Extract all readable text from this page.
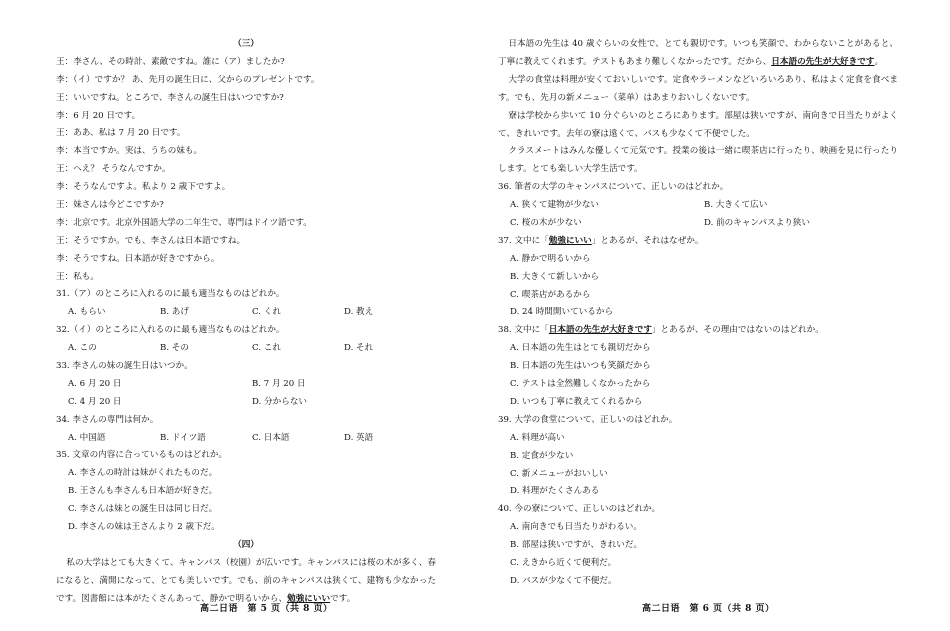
（三）
王：李さん、その時計、素敵ですね。誰に（ア）ましたか?
李：（イ）ですか？ あ、先月の誕生日に、父からのプレゼントです。
王：いいですね。ところで、李さんの誕生日はいつですか?
李：6 月 20 日です。
王：ああ、私は 7 月 20 日です。
李：本当ですか。実は、うちの妹も。
王：へえ？ そうなんですか。
李：そうなんですよ。私より 2 歳下ですよ。
王：妹さんは今どこですか?
李：北京です。北京外国語大学の二年生で、専門はドイツ語です。
王：そうですか。でも、李さんは日本語ですね。
李：そうですね。日本語が好きですから。
王：私も。
31.（ア）のところに入れるのに最も適当なものはどれか。
A. もらい	B. あげ	C. くれ	D. 教え
32.（イ）のところに入れるのに最も適当なものはどれか。
A. この	B. その	C. これ	D. それ
33. 李さんの妹の誕生日はいつか。
A. 6 月 20 日	B. 7 月 20 日
C. 4 月 20 日	D. 分からない
34. 李さんの専門は何か。
A. 中国語	B. ドイツ語	C. 日本語	D. 英語
35. 文章の内容に合っているものはどれか。
A. 李さんの時計は妹がくれたものだ。
B. 王さんも李さんも日本語が好きだ。
C. 李さんは妹との誕生日は同じ日だ。
D. 李さんの妹は王さんより 2 歳下だ。
（四）
私の大学はとても大きくて、キャンパス（校園）が広いです。キャンパスには桜の木が多く、春になると、満開になって、とても美しいです。でも、前のキャンパスは狭くて、建物も少なかったです。図書館には本がたくさんあって、静かで明るいから、勉強にいいです。
日本語の先生は 40 歳ぐらいの女性で、とても親切です。いつも笑顔で、わからないことがあると、丁寧に教えてくれます。テストもあまり難しくなかったです。だから、日本語の先生が大好きです。
大学の食堂は料理が安くておいしいです。定食やラーメンなどいろいろあり、私はよく定食を食べます。でも、先月の新メニュー（菜单）はあまりおいしくないです。
寮は学校から歩いて 10 分ぐらいのところにあります。部屋は狭いですが、南向きで日当たりがよくて、きれいです。去年の寮は遠くて、バスも少なくて不便でした。
クラスメートはみんな優しくて元気です。授業の後は一緒に喫茶店に行ったり、映画を見に行ったりします。とても楽しい大学生活です。
36. 筆者の大学のキャンパスについて、正しいのはどれか。
A. 狭くて建物が少ない	B. 大きくて広い
C. 桜の木が少ない	D. 前のキャンパスより狭い
37. 文中に「勉強にいい」とあるが、それはなぜか。
A. 静かで明るいから
B. 大きくて新しいから
C. 喫茶店があるから
D. 24 時間開いているから
38. 文中に「日本語の先生が大好きです」とあるが、その理由ではないのはどれか。
A. 日本語の先生はとても親切だから
B. 日本語の先生はいつも笑顔だから
C. テストは全然難しくなかったから
D. いつも丁寧に教えてくれるから
39. 大学の食堂について、正しいのはどれか。
A. 料理が高い
B. 定食が少ない
C. 新メニューがおいしい
D. 料理がたくさんある
40. 今の寮について、正しいのはどれか。
A. 南向きでも日当たりがわるい。
B. 部屋は狭いですが、きれいだ。
C. えきから近くて便利だ。
D. バスが少なくて不便だ。
高二日语　第 5 页（共 8 页）	高二日语　第 6 页（共 8 页）
